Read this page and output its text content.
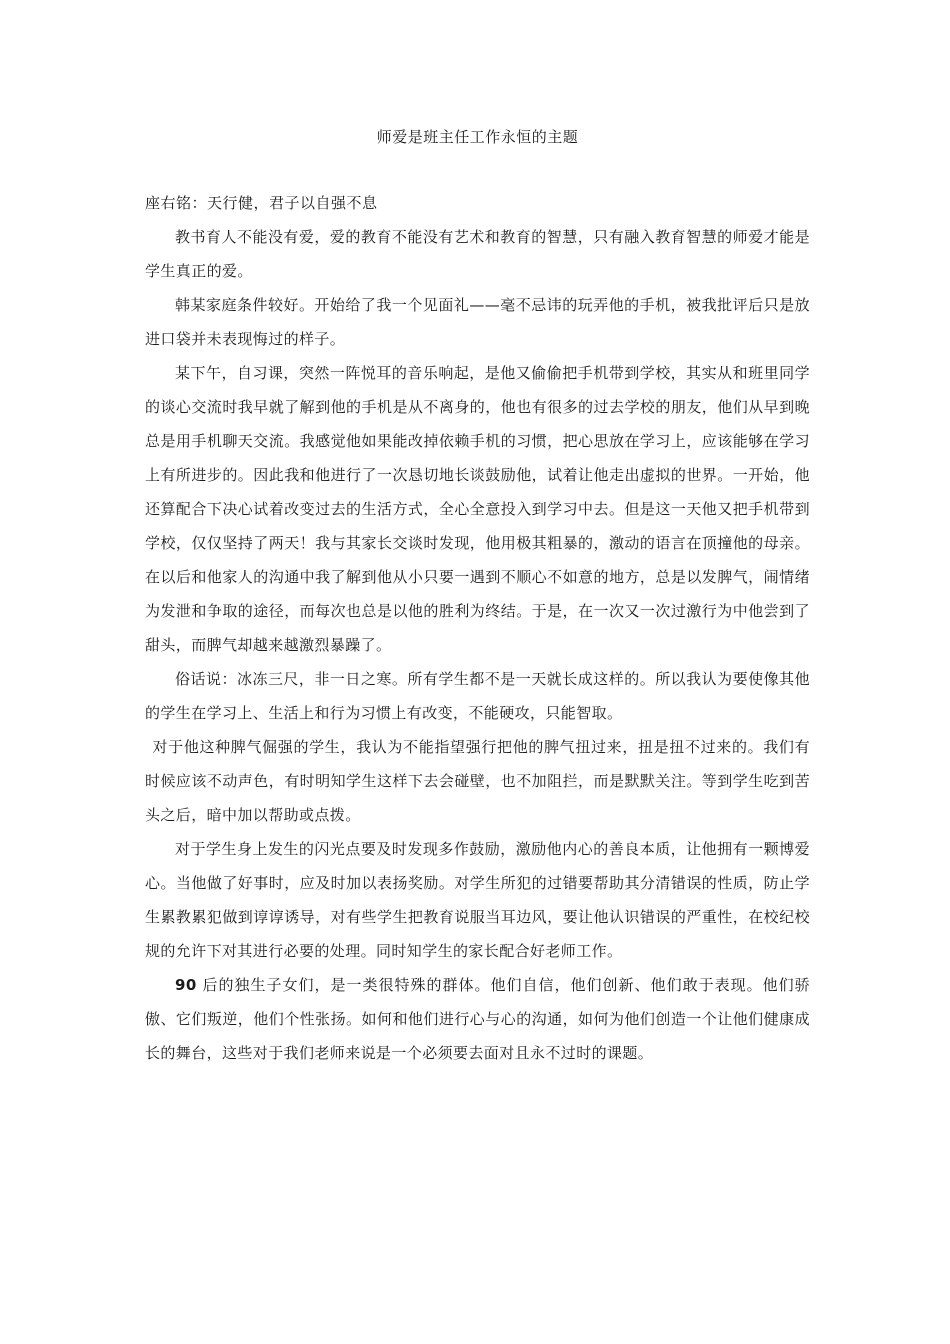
师爱是班主任工作永恒的主题
座右铭：天行健，君子以自强不息

教书育人不能没有爱，爱的教育不能没有艺术和教育的智慧，只有融入教育智慧的师爱才能是学生真正的爱。

韩某家庭条件较好。开始给了我一个见面礼——毫不忌讳的玩弄他的手机，被我批评后只是放进口袋并未表现悔过的样子。

某下午，自习课，突然一阵悦耳的音乐响起，是他又偷偷把手机带到学校，其实从和班里同学的谈心交流时我早就了解到他的手机是从不离身的，他也有很多的过去学校的朋友，他们从早到晚总是用手机聊天交流。我感觉他如果能改掉依赖手机的习惯，把心思放在学习上，应该能够在学习上有所进步的。因此我和他进行了一次恳切地长谈鼓励他，试着让他走出虚拟的世界。一开始，他还算配合下决心试着改变过去的生活方式，全心全意投入到学习中去。但是这一天他又把手机带到学校，仅仅坚持了两天！我与其家长交谈时发现，他用极其粗暴的，激动的语言在顶撞他的母亲。在以后和他家人的沟通中我了解到他从小只要一遇到不顺心不如意的地方，总是以发脾气，闹情绪为发泄和争取的途径，而每次也总是以他的胜利为终结。于是，在一次又一次过激行为中他尝到了甜头，而脾气却越来越激烈暴躁了。

俗话说：冰冻三尺，非一日之寒。所有学生都不是一天就长成这样的。所以我认为要使像其他的学生在学习上、生活上和行为习惯上有改变，不能硬攻，只能智取。

对于他这种脾气倔强的学生，我认为不能指望强行把他的脾气扭过来，扭是扭不过来的。我们有时候应该不动声色，有时明知学生这样下去会碰壁，也不加阻拦，而是默默关注。等到学生吃到苦头之后，暗中加以帮助或点拨。

对于学生身上发生的闪光点要及时发现多作鼓励，激励他内心的善良本质，让他拥有一颗博爱心。当他做了好事时，应及时加以表扬奖励。对学生所犯的过错要帮助其分清错误的性质，防止学生累教累犯做到谆谆诱导，对有些学生把教育说服当耳边风，要让他认识错误的严重性，在校纪校规的允许下对其进行必要的处理。同时知学生的家长配合好老师工作。

90 后的独生子女们，是一类很特殊的群体。他们自信，他们创新、他们敢于表现。他们骄傲、它们叛逆，他们个性张扬。如何和他们进行心与心的沟通，如何为他们创造一个让他们健康成长的舞台，这些对于我们老师来说是一个必须要去面对且永不过时的课题。
